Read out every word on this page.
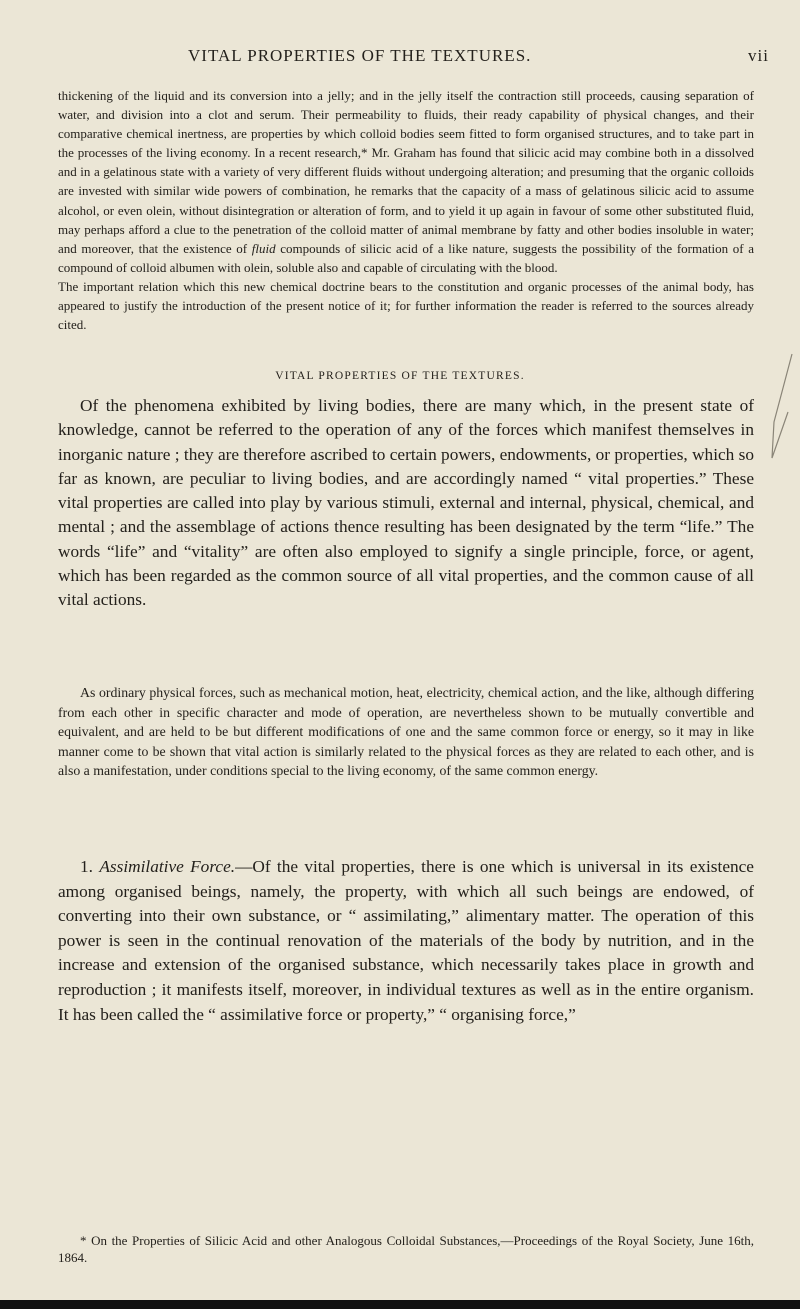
VITAL PROPERTIES OF THE TEXTURES.	vii

thickening of the liquid and its conversion into a jelly; and in the jelly itself the contraction still proceeds, causing separation of water, and division into a clot and serum. Their permeability to fluids, their ready capability of physical changes, and their comparative chemical inertness, are properties by which colloid bodies seem fitted to form organised structures, and to take part in the processes of the living economy. In a recent research,* Mr. Graham has found that silicic acid may combine both in a dissolved and in a gelatinous state with a variety of very different fluids without undergoing alteration; and presuming that the organic colloids are invested with similar wide powers of combination, he remarks that the capacity of a mass of gelatinous silicic acid to assume alcohol, or even olein, without disintegration or alteration of form, and to yield it up again in favour of some other substituted fluid, may perhaps afford a clue to the penetration of the colloid matter of animal membrane by fatty and other bodies insoluble in water; and moreover, that the existence of fluid compounds of silicic acid of a like nature, suggests the possibility of the formation of a compound of colloid albumen with olein, soluble also and capable of circulating with the blood.

The important relation which this new chemical doctrine bears to the constitution and organic processes of the animal body, has appeared to justify the introduction of the present notice of it; for further information the reader is referred to the sources already cited.

VITAL PROPERTIES OF THE TEXTURES.

Of the phenomena exhibited by living bodies, there are many which, in the present state of knowledge, cannot be referred to the operation of any of the forces which manifest themselves in inorganic nature ; they are therefore ascribed to certain powers, endowments, or properties, which so far as known, are peculiar to living bodies, and are accordingly named “ vital properties.” These vital properties are called into play by various stimuli, external and internal, physical, chemical, and mental ; and the assemblage of actions thence resulting has been designated by the term “life.” The words “life” and “vitality” are often also employed to signify a single principle, force, or agent, which has been regarded as the common source of all vital properties, and the common cause of all vital actions.

As ordinary physical forces, such as mechanical motion, heat, electricity, chemical action, and the like, although differing from each other in specific character and mode of operation, are nevertheless shown to be mutually convertible and equivalent, and are held to be but different modifications of one and the same common force or energy, so it may in like manner come to be shown that vital action is similarly related to the physical forces as they are related to each other, and is also a manifestation, under conditions special to the living economy, of the same common energy.

1. Assimilative Force.—Of the vital properties, there is one which is universal in its existence among organised beings, namely, the property, with which all such beings are endowed, of converting into their own substance, or “ assimilating,” alimentary matter. The operation of this power is seen in the continual renovation of the materials of the body by nutrition, and in the increase and extension of the organised substance, which necessarily takes place in growth and reproduction ; it manifests itself, moreover, in individual textures as well as in the entire organism. It has been called the “ assimilative force or property,” “ organising force,”

* On the Properties of Silicic Acid and other Analogous Colloidal Substances,—Proceedings of the Royal Society, June 16th, 1864.
